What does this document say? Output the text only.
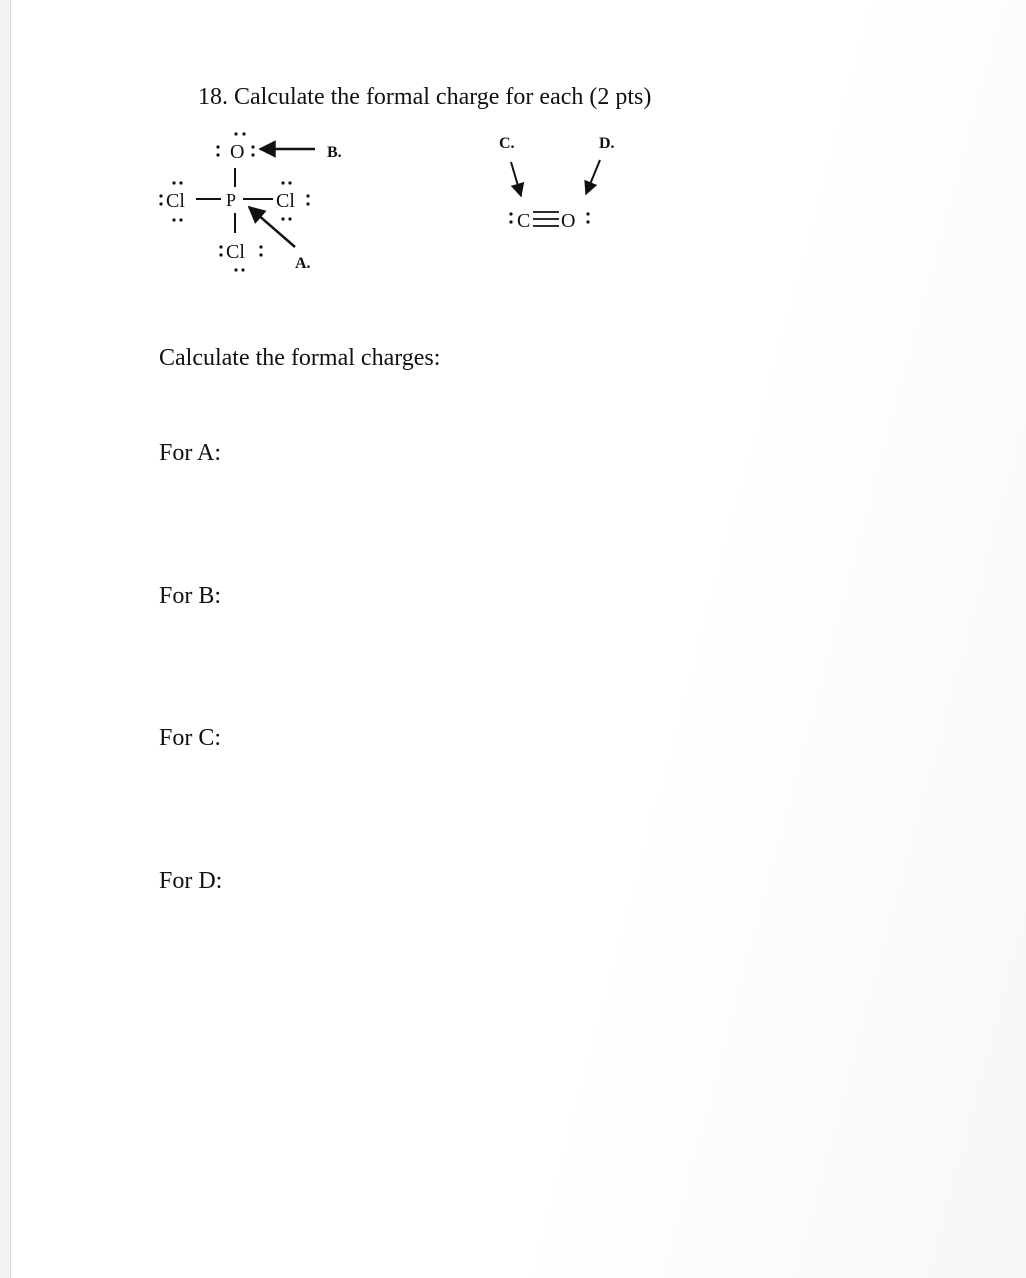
18. Calculate the formal charge for each (2 pts)
O	B.
Cl P Cl
Cl
A.
C.	D.
C O
Calculate the formal charges:
For A:
For B:
For C:
For D:
